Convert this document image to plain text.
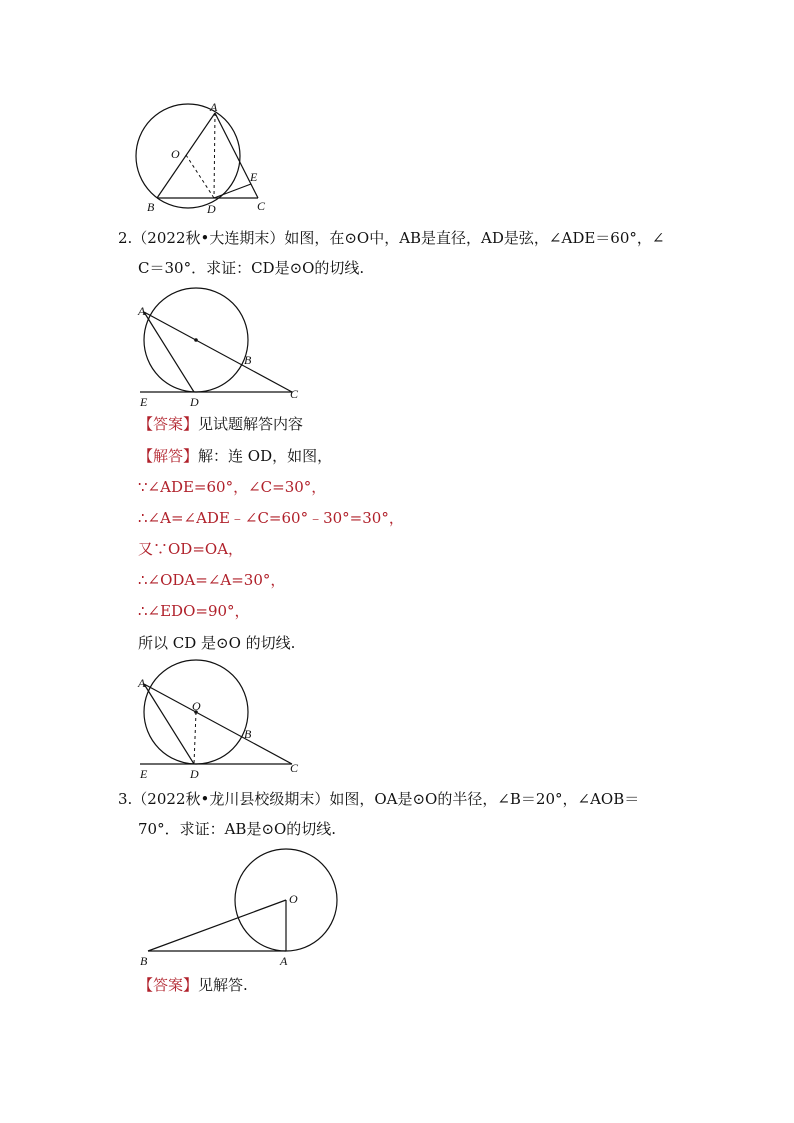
A
O
E
B	D	C
2.（2022秋•大连期末）如图，在⊙O中，AB是直径，AD是弦，∠ADE＝60°，∠
C＝30°．求证：CD是⊙O的切线.
A
B
C
E	D
【答案】见试题解答内容
【解答】解：连 OD，如图，
∵∠ADE=60°，∠C=30°，
∴∠A=∠ADE﹣∠C=60°﹣30°=30°，
又∵OD=OA，
∴∠ODA=∠A=30°，
∴∠EDO=90°，
所以 CD 是⊙O 的切线.
A
O
B
C
E	D
3.（2022秋•龙川县校级期末）如图，OA是⊙O的半径，∠B＝20°，∠AOB＝
70°．求证：AB是⊙O的切线.
O
B	A
【答案】见解答.
